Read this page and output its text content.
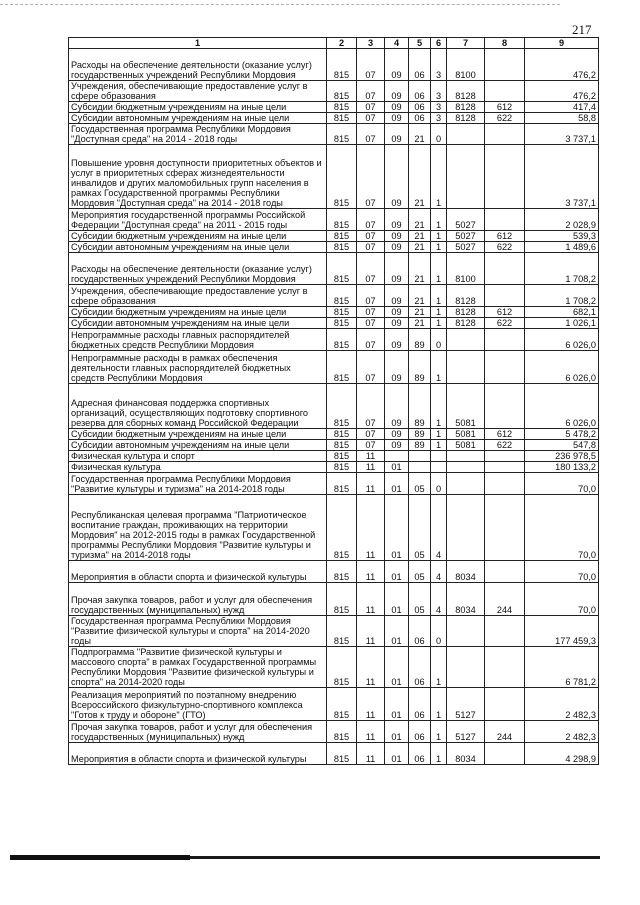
217
1	2	3	4	5	6	7	8	9
Расходы на обеспечение деятельности (оказание услуг) государственных учреждений Республики Мордовия	815	07	09	06	3	8100		476,2
Учреждения, обеспечивающие предоставление услуг в сфере образования	815	07	09	06	3	8128		476,2
Субсидии бюджетным учреждениям на иные цели	815	07	09	06	3	8128	612	417,4
Субсидии автономным учреждениям на иные цели	815	07	09	06	3	8128	622	58,8
Государственная программа Республики Мордовия "Доступная среда" на 2014 - 2018 годы	815	07	09	21	0			3 737,1
Повышение уровня доступности приоритетных объектов и услуг в приоритетных сферах жизнедеятельности инвалидов и других маломобильных групп населения в рамках Государственной программы Республики Мордовия "Доступная среда" на 2014 - 2018 годы	815	07	09	21	1			3 737,1
Мероприятия государственной программы Российской Федерации "Доступная среда" на 2011 - 2015 годы	815	07	09	21	1	5027		2 028,9
Субсидии бюджетным учреждениям на иные цели	815	07	09	21	1	5027	612	539,3
Субсидии автономным учреждениям на иные цели	815	07	09	21	1	5027	622	1 489,6
Расходы на обеспечение деятельности (оказание услуг) государственных учреждений Республики Мордовия	815	07	09	21	1	8100		1 708,2
Учреждения, обеспечивающие предоставление услуг в сфере образования	815	07	09	21	1	8128		1 708,2
Субсидии бюджетным учреждениям на иные цели	815	07	09	21	1	8128	612	682,1
Субсидии автономным учреждениям на иные цели	815	07	09	21	1	8128	622	1 026,1
Непрограммные расходы главных распорядителей бюджетных средств Республики Мордовия	815	07	09	89	0			6 026,0
Непрограммные расходы в рамках обеспечения деятельности главных распорядителей бюджетных средств Республики Мордовия	815	07	09	89	1			6 026,0
Адресная финансовая поддержка спортивных организаций, осуществляющих подготовку спортивного резерва для сборных команд Российской Федерации	815	07	09	89	1	5081		6 026,0
Субсидии бюджетным учреждениям на иные цели	815	07	09	89	1	5081	612	5 478,2
Субсидии автономным учреждениям на иные цели	815	07	09	89	1	5081	622	547,8
Физическая культура и спорт	815	11						236 978,5
Физическая культура	815	11	01					180 133,2
Государственная программа Республики Мордовия "Развитие культуры и туризма" на 2014-2018 годы	815	11	01	05	0			70,0
Республиканская целевая программа "Патриотическое воспитание граждан, проживающих на территории Мордовия" на 2012-2015 годы в рамках Государственной программы Республики Мордовия "Развитие культуры и туризма" на 2014-2018 годы	815	11	01	05	4			70,0
Мероприятия в области спорта и физической культуры	815	11	01	05	4	8034		70,0
Прочая закупка товаров, работ и услуг для обеспечения государственных (муниципальных) нужд	815	11	01	05	4	8034	244	70,0
Государственная программа Республики Мордовия "Развитие физической культуры и спорта" на 2014-2020 годы	815	11	01	06	0			177 459,3
Подпрограмма "Развитие физической культуры и массового спорта" в рамках Государственной программы Республики Мордовия "Развитие физической культуры и спорта" на 2014-2020 годы	815	11	01	06	1			6 781,2
Реализация мероприятий по поэтапному внедрению Всероссийского физкультурно-спортивного комплекса "Готов к труду и обороне" (ГТО)	815	11	01	06	1	5127		2 482,3
Прочая закупка товаров, работ и услуг для обеспечения государственных (муниципальных) нужд	815	11	01	06	1	5127	244	2 482,3
Мероприятия в области спорта и физической культуры	815	11	01	06	1	8034		4 298,9
